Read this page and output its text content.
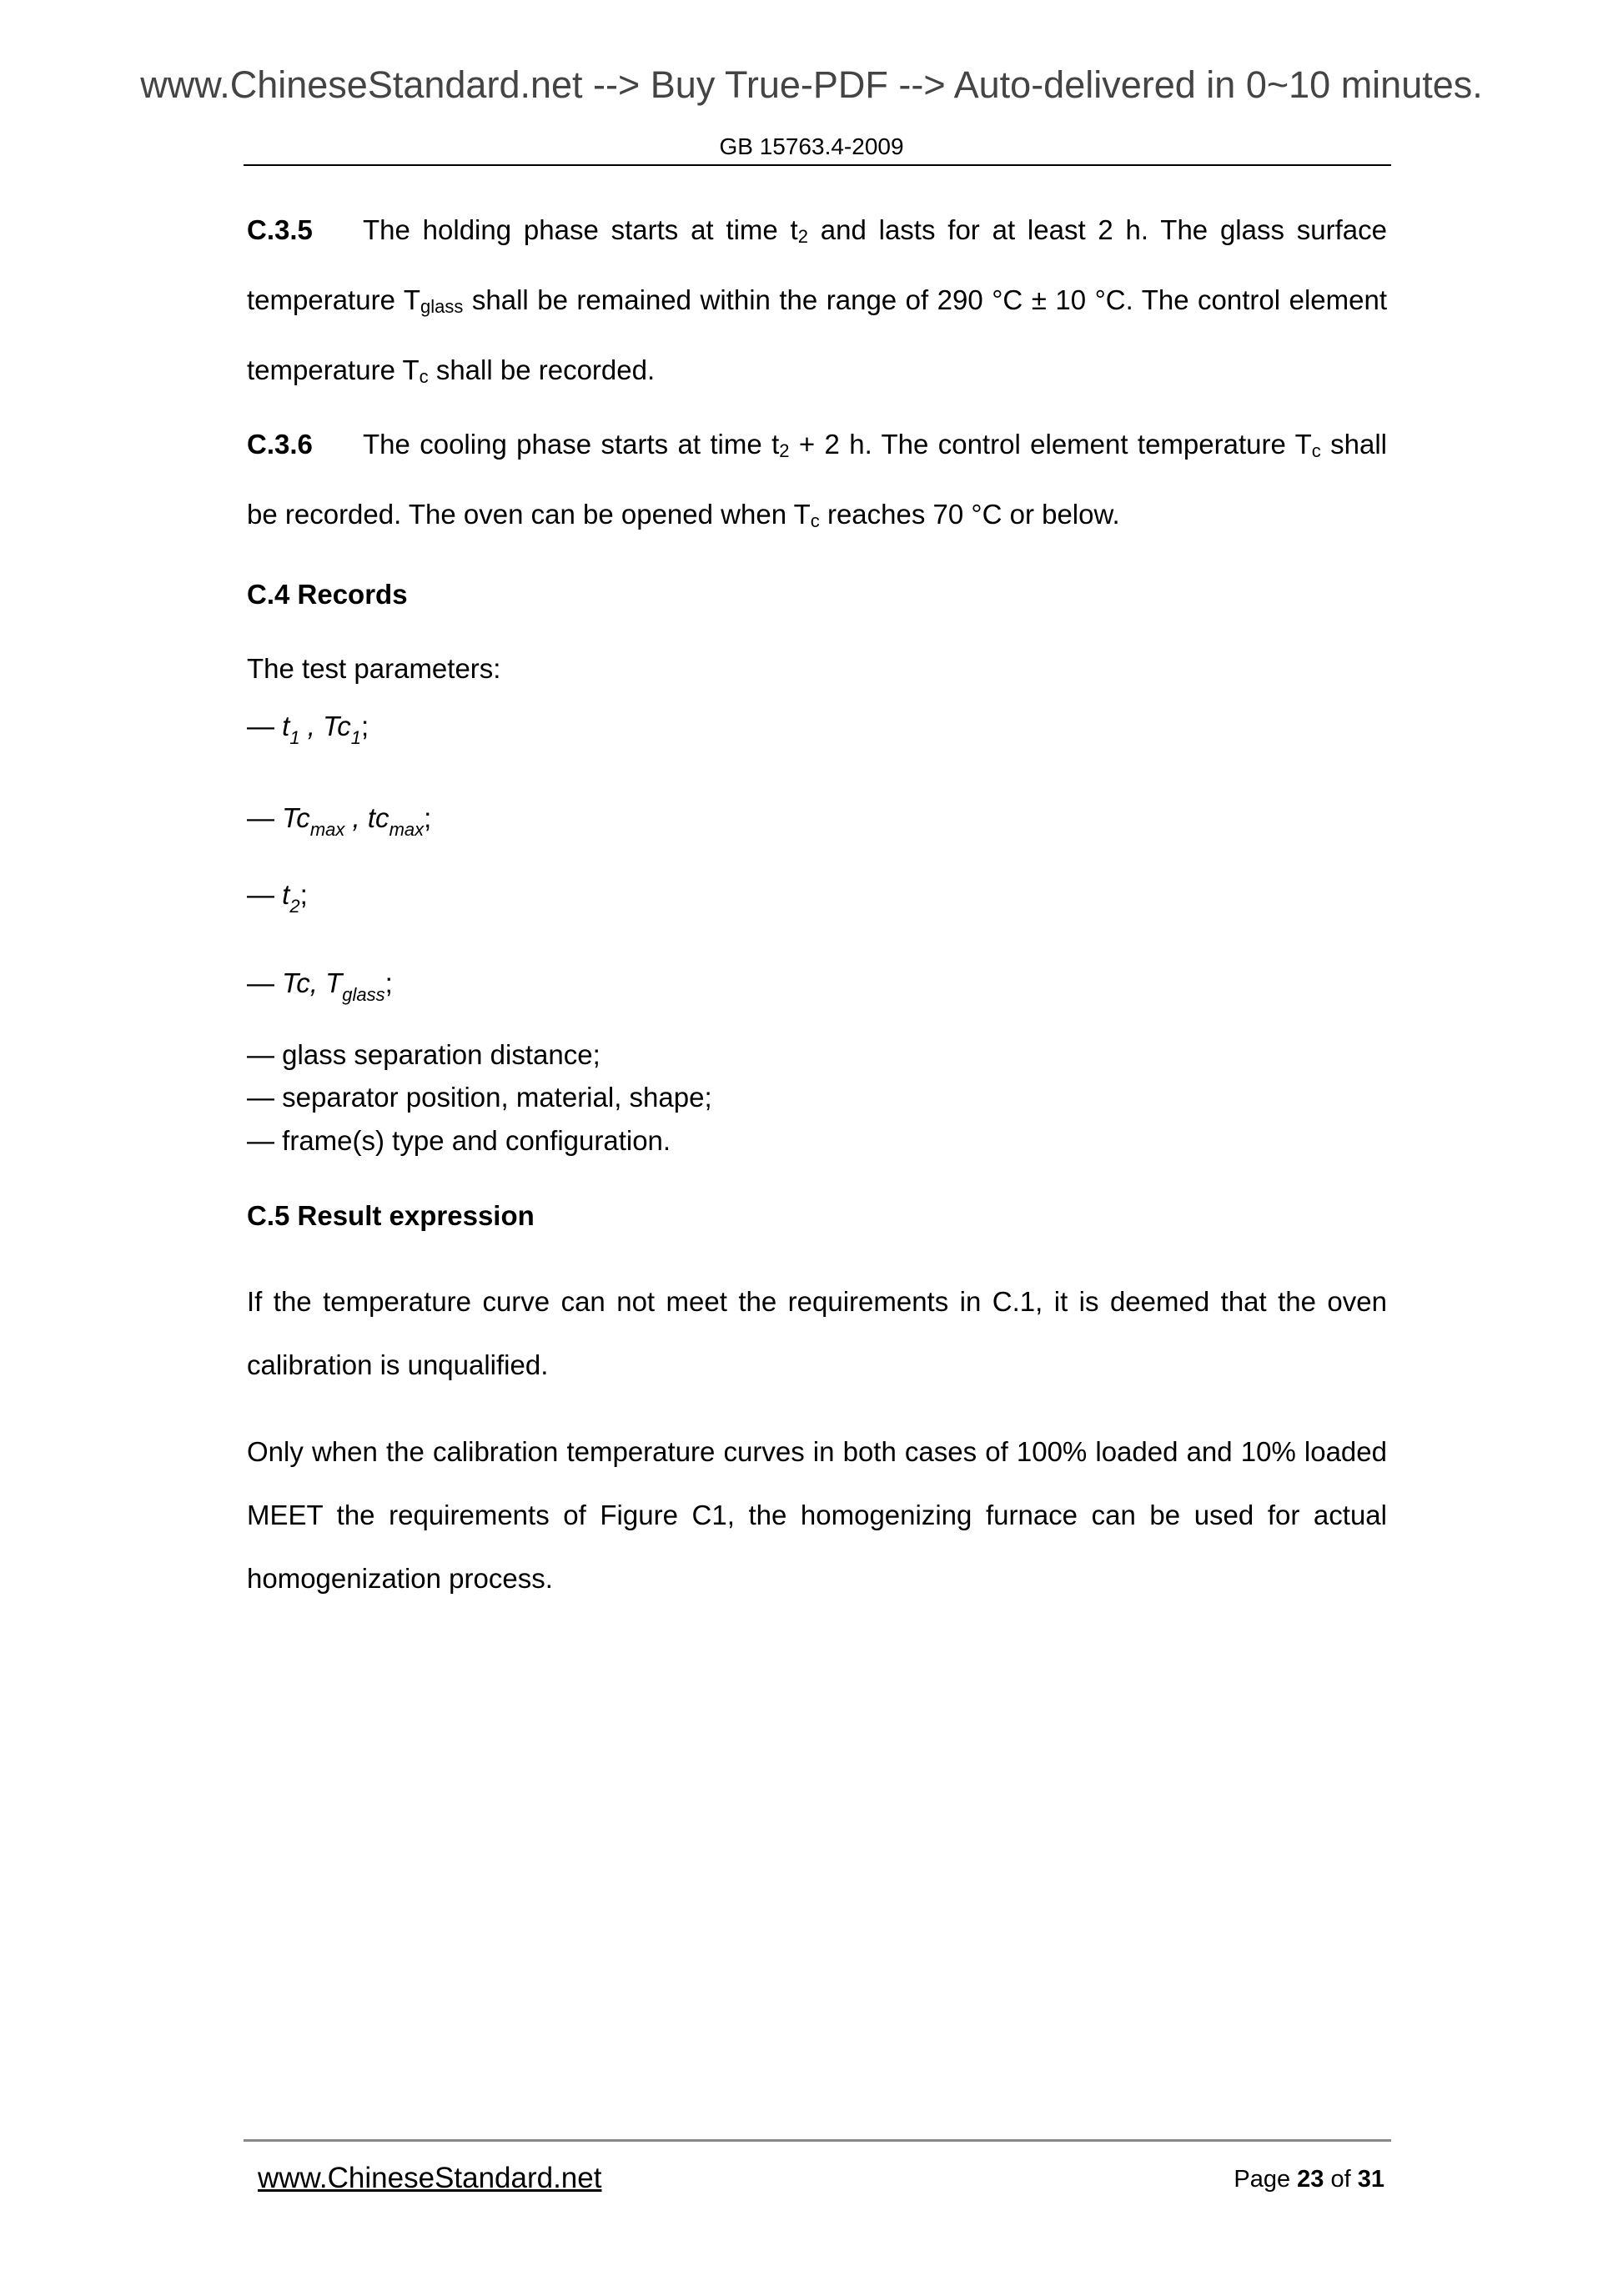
www.ChineseStandard.net --> Buy True-PDF --> Auto-delivered in 0~10 minutes.
GB 15763.4-2009
C.3.5 The holding phase starts at time t2 and lasts for at least 2 h. The glass surface temperature Tglass shall be remained within the range of 290 °C ± 10 °C. The control element temperature Tc shall be recorded.
C.3.6 The cooling phase starts at time t2 + 2 h. The control element temperature Tc shall be recorded. The oven can be opened when Tc reaches 70 °C or below.
C.4 Records
The test parameters:
— $t_1$ , $Tc_1$;
— $Tc_{max}$ , $tc_{max}$;
— $t_2$;
— Tc, $T_{glass}$;
— glass separation distance;
— separator position, material, shape;
— frame(s) type and configuration.
C.5 Result expression
If the temperature curve can not meet the requirements in C.1, it is deemed that the oven calibration is unqualified.
Only when the calibration temperature curves in both cases of 100% loaded and 10% loaded MEET the requirements of Figure C1, the homogenizing furnace can be used for actual homogenization process.
www.ChineseStandard.net	Page 23 of 31
